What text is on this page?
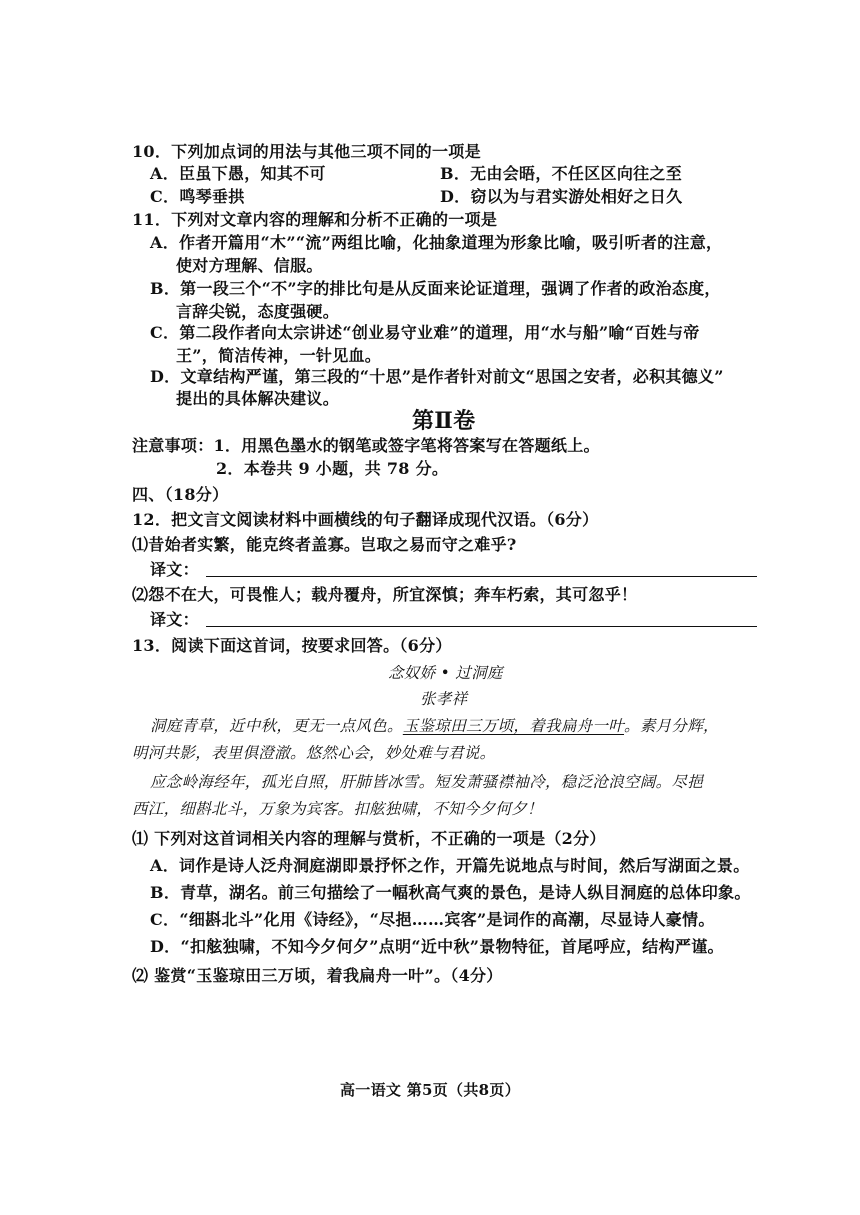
10．下列加点词的用法与其他三项不同的一项是
A．臣虽下愚，知其不可	B．无由会晤，不任区区向往之至
C．鸣琴垂拱	D．窃以为与君实游处相好之日久
11．下列对文章内容的理解和分析不正确的一项是
A．作者开篇用“木”“流”两组比喻，化抽象道理为形象比喻，吸引听者的注意，
使对方理解、信服。
B．第一段三个“不”字的排比句是从反面来论证道理，强调了作者的政治态度，
言辞尖锐，态度强硬。
C．第二段作者向太宗讲述“创业易守业难”的道理，用“水与船”喻“百姓与帝
王”，简洁传神，一针见血。
D．文章结构严谨，第三段的“十思”是作者针对前文“思国之安者，必积其德义”
提出的具体解决建议。
第Ⅱ卷
注意事项：1．用黑色墨水的钢笔或签字笔将答案写在答题纸上。
2．本卷共 9 小题，共 78 分。
四、（18分）
12．把文言文阅读材料中画横线的句子翻译成现代汉语。（6分）
⑴昔始者实繁，能克终者盖寡。岂取之易而守之难乎?
译文：
⑵怨不在大，可畏惟人；载舟覆舟，所宜深慎；奔车朽索，其可忽乎！
译文：
13．阅读下面这首词，按要求回答。（6分）
念奴娇 • 过洞庭
张孝祥
洞庭青草，近中秋，更无一点风色。玉鉴琼田三万顷，着我扁舟一叶。素月分辉，
明河共影，表里俱澄澈。悠然心会，妙处难与君说。
应念岭海经年，孤光自照，肝肺皆冰雪。短发萧骚襟袖冷，稳泛沧浪空阔。尽挹
西江，细斟北斗，万象为宾客。扣舷独啸，不知今夕何夕！
⑴ 下列对这首词相关内容的理解与赏析，不正确的一项是（2分）
A．词作是诗人泛舟洞庭湖即景抒怀之作，开篇先说地点与时间，然后写湖面之景。
B．青草，湖名。前三句描绘了一幅秋高气爽的景色，是诗人纵目洞庭的总体印象。
C．“细斟北斗”化用《诗经》，“尽挹……宾客”是词作的高潮，尽显诗人豪情。
D．“扣舷独啸，不知今夕何夕”点明“近中秋”景物特征，首尾呼应，结构严谨。
⑵ 鉴赏“玉鉴琼田三万顷，着我扁舟一叶”。（4分）
高一语文 第5页（共8页）
